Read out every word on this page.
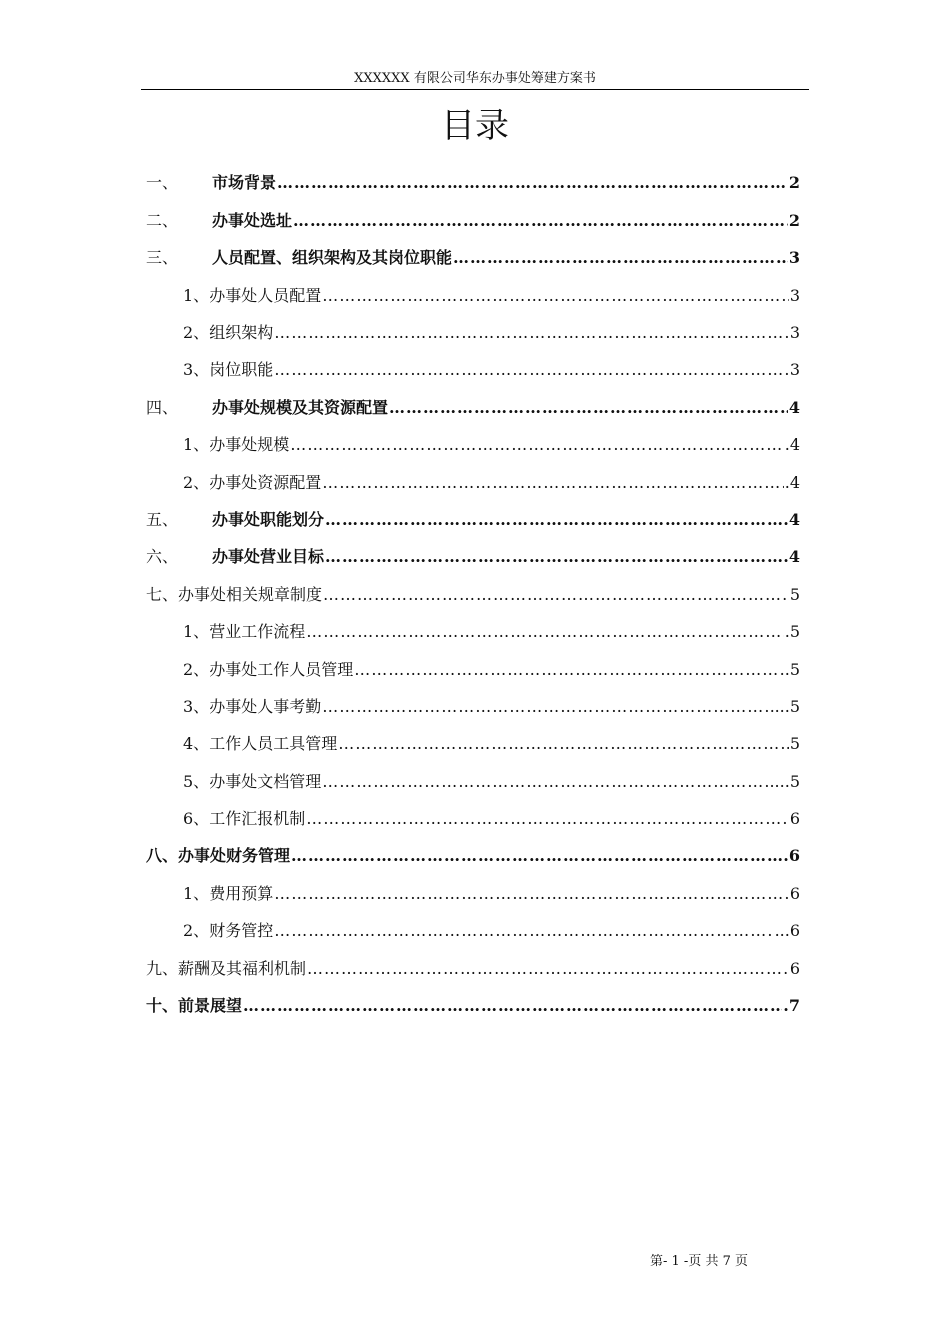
XXXXXX 有限公司华东办事处筹建方案书
目录
一、	市场背景 ……………………………………………………………………………………………………………………………………………………………	2
二、	办事处选址 ……………………………………………………………………………………………………………………………………………………………	2
三、	人员配置、组织架构及其岗位职能 ……………………………………………………………………………………………………………………………………………………………	3
1、 办事处人员配置 ……………………………………………………………………………………………………………………………………………………………	3
2、 组织架构 ……………………………………………………………………………………………………………………………………………………………	3
3、 岗位职能 ……………………………………………………………………………………………………………………………………………………………	3
四、	办事处规模及其资源配置 ……………………………………………………………………………………………………………………………………………………………	4
1、 办事处规模 ……………………………………………………………………………………………………………………………………………………………	.4
2、 办事处资源配置 ……………………………………………………………………………………………………………………………………………………………	.4
五、	办事处职能划分 ……………………………………………………………………………………………………………………………………………………………	.4
六、	办事处营业目标 ……………………………………………………………………………………………………………………………………………………………	.4
七、 办事处相关规章制度 ……………………………………………………………………………………………………………………………………………………………	5
1、 营业工作流程 ……………………………………………………………………………………………………………………………………………………………	.5
2、 办事处工作人员管理 ……………………………………………………………………………………………………………………………………………………………	..5
3、 办事处人事考勤 ……………………………………………………………………………………………………………………………………………………………	...5
4、 工作人员工具管理 ……………………………………………………………………………………………………………………………………………………………	5
5、 办事处文档管理 ……………………………………………………………………………………………………………………………………………………………	....5
6、 工作汇报机制 ……………………………………………………………………………………………………………………………………………………………	6
八、 办事处财务管理 ……………………………………………………………………………………………………………………………………………………………	.6
1、 费用预算 ……………………………………………………………………………………………………………………………………………………………	6
2、 财务管控 ……………………………………………………………………………………………………………………………………………………………	...6
九、 薪酬及其福利机制 ……………………………………………………………………………………………………………………………………………………………	6
十、 前景展望 ……………………………………………………………………………………………………………………………………………………………	.7
第- 1 -页 共 7 页
